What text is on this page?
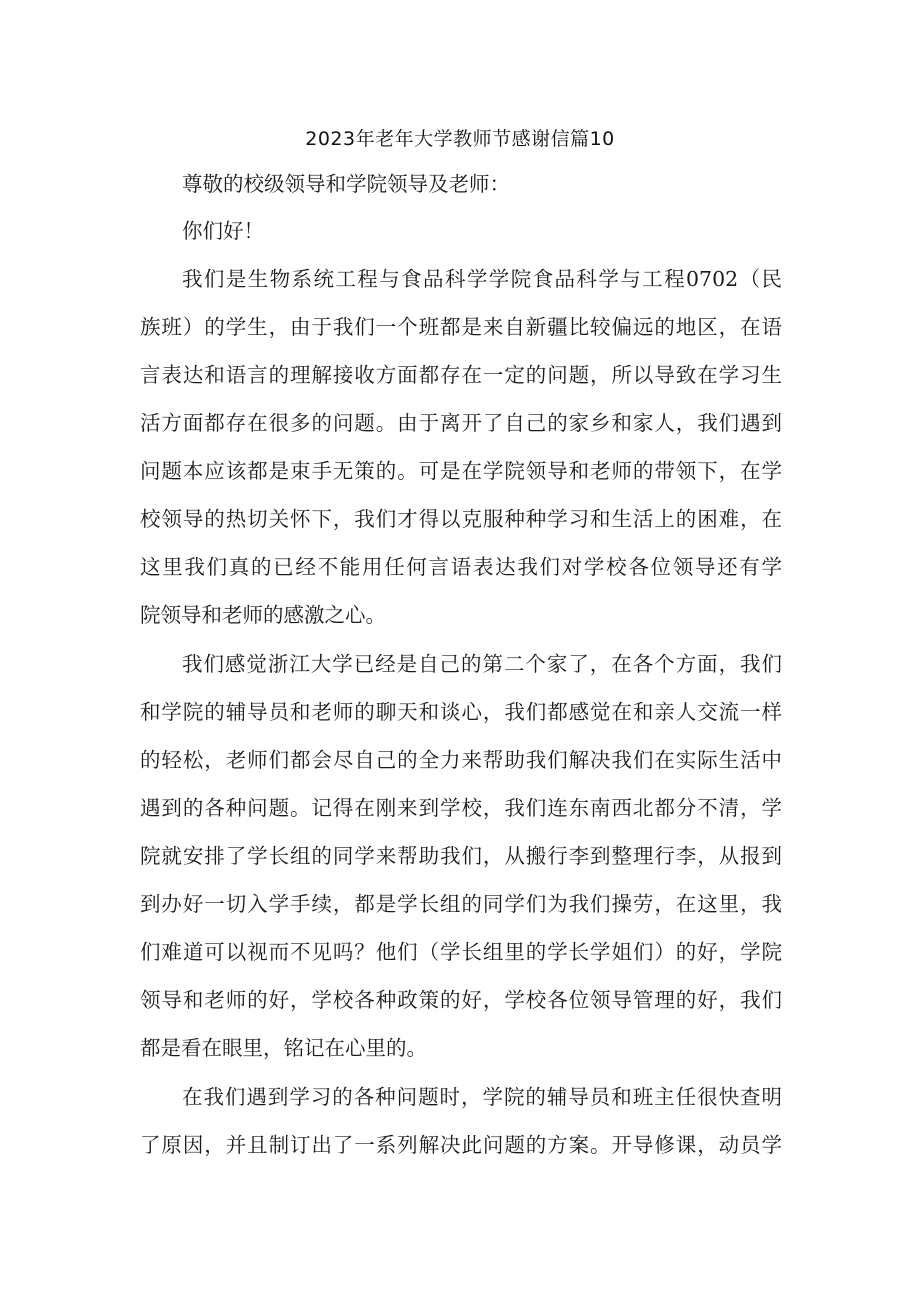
2023年老年大学教师节感谢信篇10
尊敬的校级领导和学院领导及老师：
你们好！
我们是生物系统工程与食品科学学院食品科学与工程0702（民
族班）的学生，由于我们一个班都是来自新疆比较偏远的地区，在语
言表达和语言的理解接收方面都存在一定的问题，所以导致在学习生
活方面都存在很多的问题。由于离开了自己的家乡和家人，我们遇到
问题本应该都是束手无策的。可是在学院领导和老师的带领下，在学
校领导的热切关怀下，我们才得以克服种种学习和生活上的困难，在
这里我们真的已经不能用任何言语表达我们对学校各位领导还有学
院领导和老师的感激之心。
我们感觉浙江大学已经是自己的第二个家了，在各个方面，我们
和学院的辅导员和老师的聊天和谈心，我们都感觉在和亲人交流一样
的轻松，老师们都会尽自己的全力来帮助我们解决我们在实际生活中
遇到的各种问题。记得在刚来到学校，我们连东南西北都分不清，学
院就安排了学长组的同学来帮助我们，从搬行李到整理行李，从报到
到办好一切入学手续，都是学长组的同学们为我们操劳，在这里，我
们难道可以视而不见吗？他们（学长组里的学长学姐们）的好，学院
领导和老师的好，学校各种政策的好，学校各位领导管理的好，我们
都是看在眼里，铭记在心里的。
在我们遇到学习的各种问题时，学院的辅导员和班主任很快查明
了原因，并且制订出了一系列解决此问题的方案。开导修课，动员学
